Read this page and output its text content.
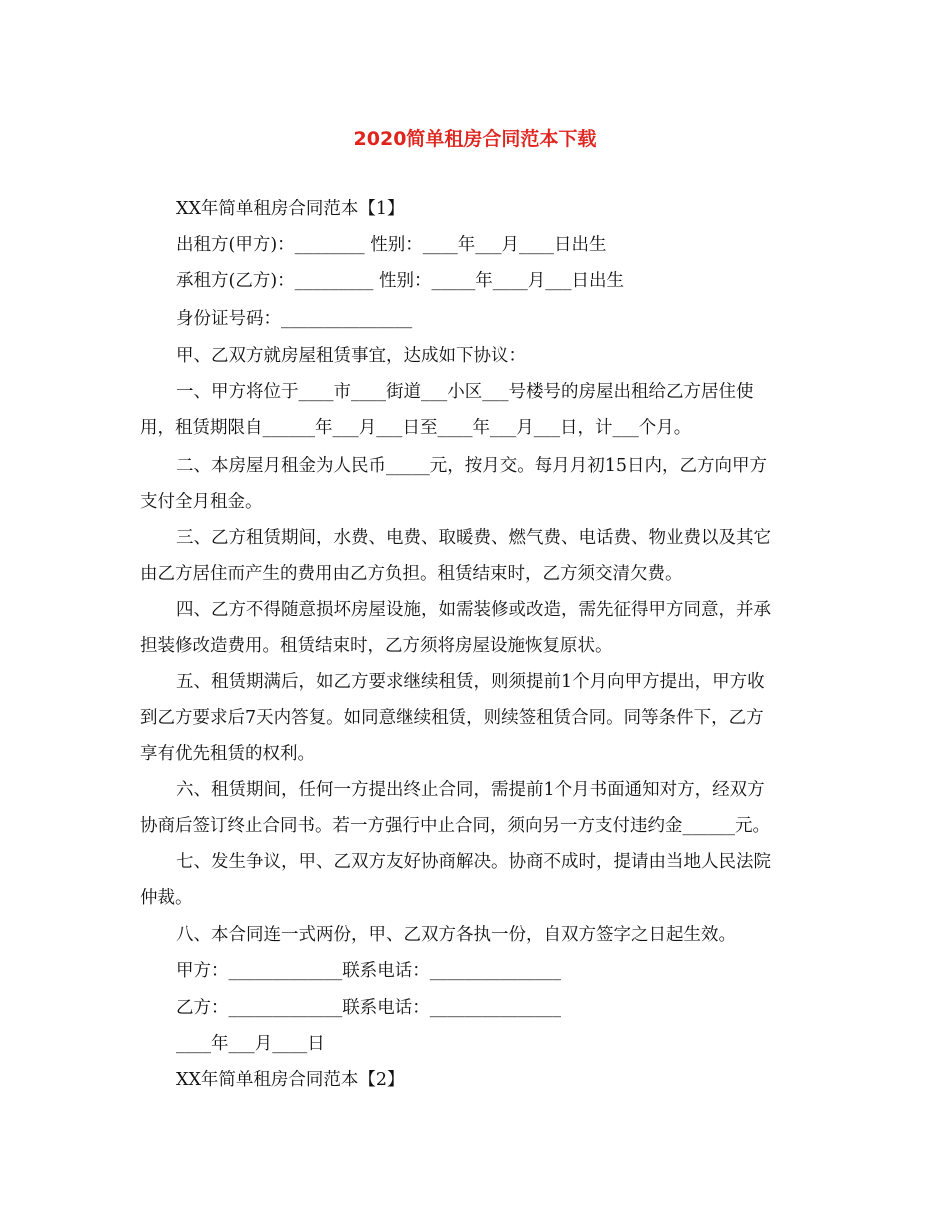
2020简单租房合同范本下载
XX年简单租房合同范本【1】
出租方(甲方)：________ 性别：____年___月____日出生
承租方(乙方)：_________ 性别：_____年____月___日出生
身份证号码：_______________
甲、乙双方就房屋租赁事宜，达成如下协议：
一、甲方将位于____市____街道___小区___号楼号的房屋出租给乙方居住使
用，租赁期限自______年___月___日至____年___月___日，计___个月。
二、本房屋月租金为人民币_____元，按月交。每月月初15日内，乙方向甲方
支付全月租金。
三、乙方租赁期间，水费、电费、取暖费、燃气费、电话费、物业费以及其它
由乙方居住而产生的费用由乙方负担。租赁结束时，乙方须交清欠费。
四、乙方不得随意损坏房屋设施，如需装修或改造，需先征得甲方同意，并承
担装修改造费用。租赁结束时，乙方须将房屋设施恢复原状。
五、租赁期满后，如乙方要求继续租赁，则须提前1个月向甲方提出，甲方收
到乙方要求后7天内答复。如同意继续租赁，则续签租赁合同。同等条件下，乙方
享有优先租赁的权利。
六、租赁期间，任何一方提出终止合同，需提前1个月书面通知对方，经双方
协商后签订终止合同书。若一方强行中止合同，须向另一方支付违约金______元。
七、发生争议，甲、乙双方友好协商解决。协商不成时，提请由当地人民法院
仲裁。
八、本合同连一式两份，甲、乙双方各执一份，自双方签字之日起生效。
甲方：_____________联系电话：_______________
乙方：_____________联系电话：_______________
____年___月____日
XX年简单租房合同范本【2】
